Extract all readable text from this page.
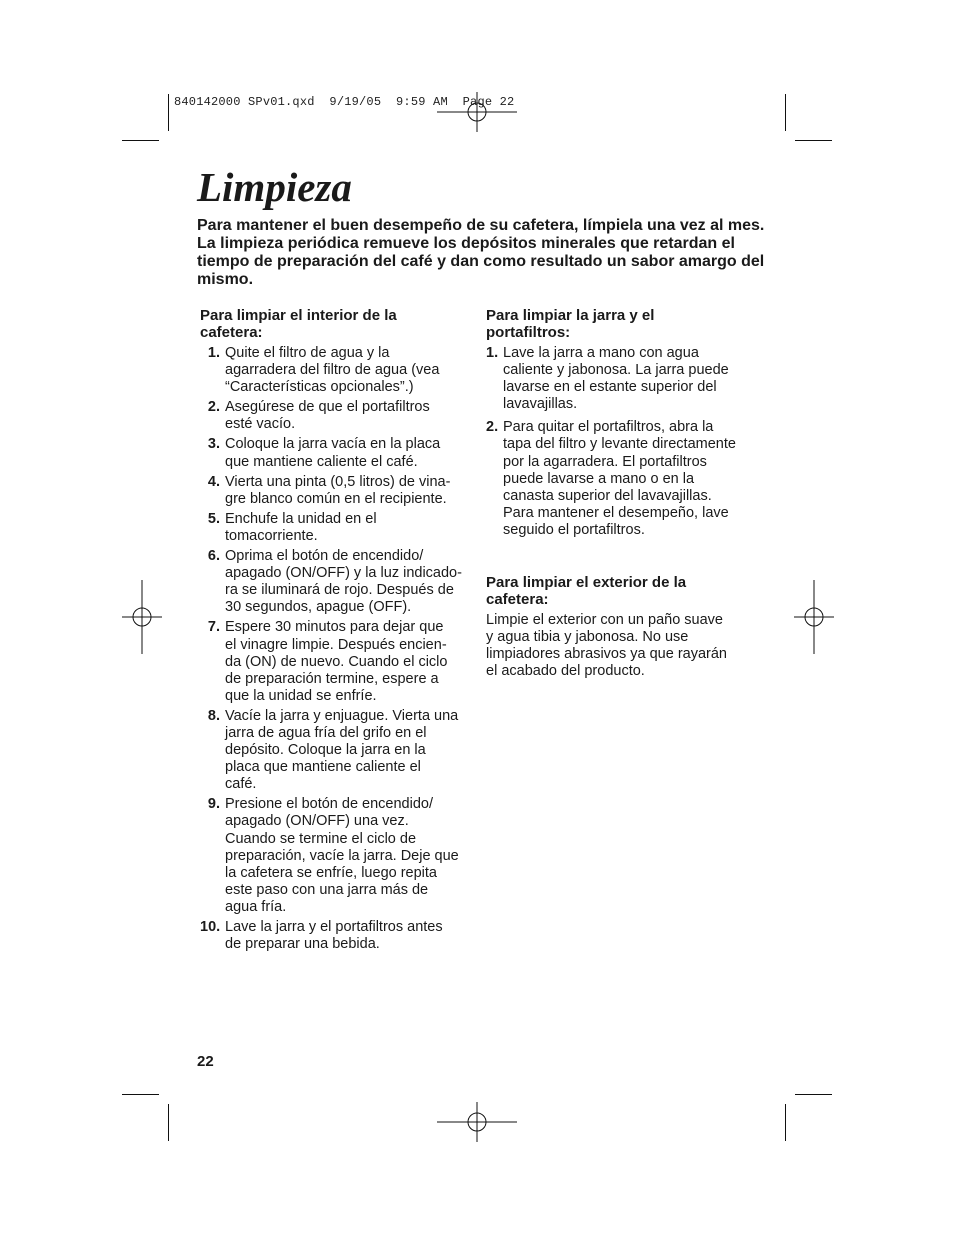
840142000 SPv01.qxd  9/19/05  9:59 AM  Page 22
Limpieza

Para mantener el buen desempeño de su cafetera, límpiela una vez al mes. La limpieza periódica remueve los depósitos minerales que retardan el tiempo de preparación del café y dan como resultado un sabor amargo del mismo.

Para limpiar el interior de la
cafetera:
1. Quite el filtro de agua y la
agarradera del filtro de agua (vea
“Características opcionales”.)
2. Asegúrese de que el portafiltros
esté vacío.
3. Coloque la jarra vacía en la placa
que mantiene caliente el café.
4. Vierta una pinta (0,5 litros) de vina-
gre blanco común en el recipiente.
5. Enchufe la unidad en el
tomacorriente.
6. Oprima el botón de encendido/
apagado (ON/OFF) y la luz indicado-
ra se iluminará de rojo. Después de
30 segundos, apague (OFF).
7. Espere 30 minutos para dejar que
el vinagre limpie. Después encien-
da (ON) de nuevo. Cuando el ciclo
de preparación termine, espere a
que la unidad se enfríe.
8. Vacíe la jarra y enjuague. Vierta una
jarra de agua fría del grifo en el
depósito. Coloque la jarra en la
placa que mantiene caliente el
café.
9. Presione el botón de encendido/
apagado (ON/OFF) una vez.
Cuando se termine el ciclo de
preparación, vacíe la jarra. Deje que
la cafetera se enfríe, luego repita
este paso con una jarra más de
agua fría.
10. Lave la jarra y el portafiltros antes
de preparar una bebida.
Para limpiar la jarra y el
portafiltros:
1. Lave la jarra a mano con agua
caliente y jabonosa. La jarra puede
lavarse en el estante superior del
lavavajillas.
2. Para quitar el portafiltros, abra la
tapa del filtro y levante directamente
por la agarradera. El portafiltros
puede lavarse a mano o en la
canasta superior del lavavajillas.
Para mantener el desempeño, lave
seguido el portafiltros.
Para limpiar el exterior de la
cafetera:

Limpie el exterior con un paño suave
y agua tibia y jabonosa. No use
limpiadores abrasivos ya que rayarán
el acabado del producto.

22
